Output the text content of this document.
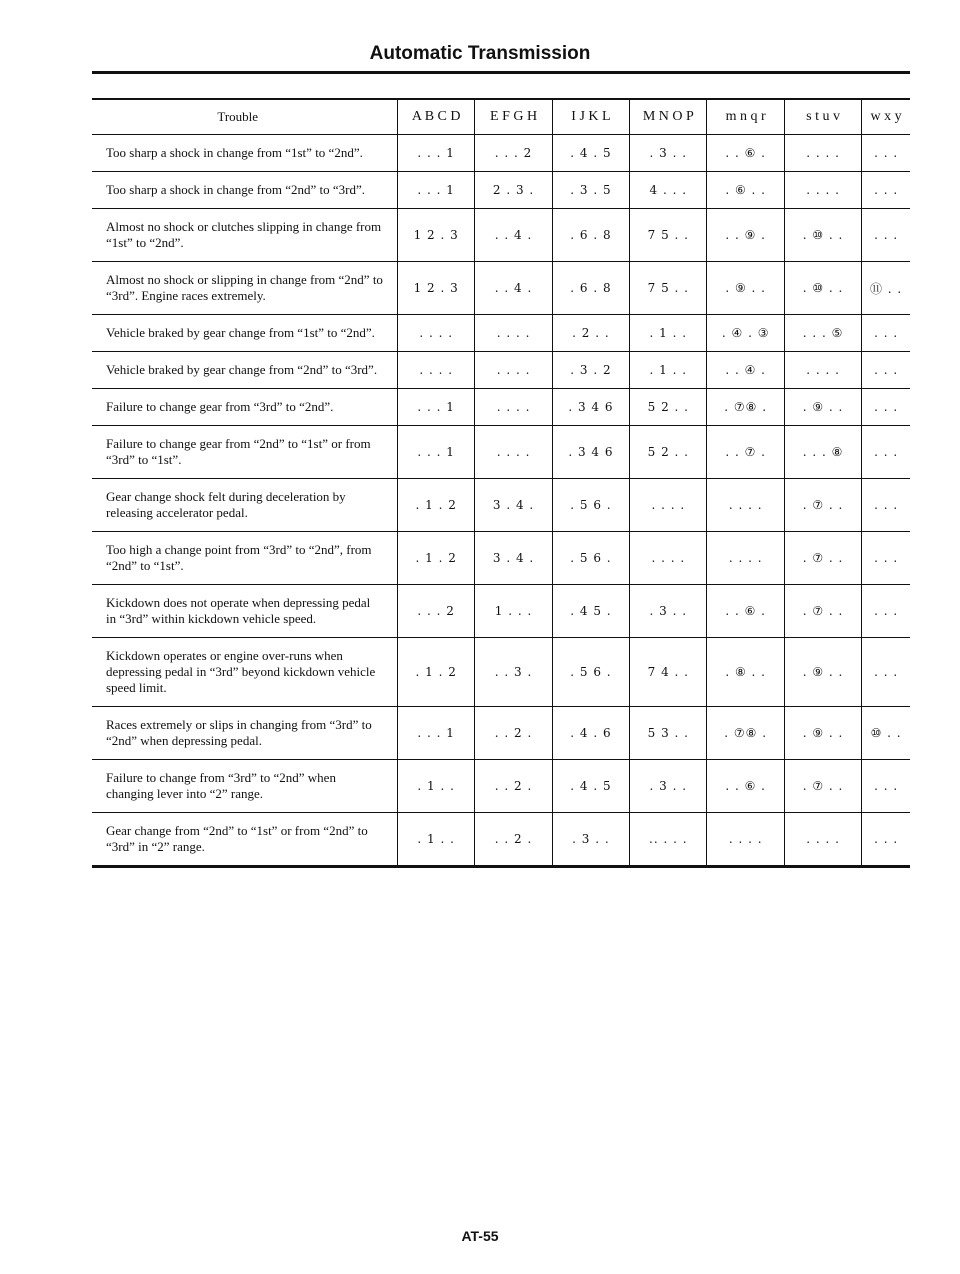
Automatic Transmission
Trouble		A B C D	E F G H	I J K L	M N O P	m n q r	s t u v	w x y
Too sharp a shock in change from “1st” to “2nd”.		. . . 1	. . . 2	. 4 . 5	. 3 . .	. . ⑥ .	. . . .	. . .
Too sharp a shock in change from “2nd” to “3rd”.		. . . 1	2 . 3 .	. 3 . 5	4 . . .	. ⑥ . .	. . . .	. . .
Almost no shock or clutches slipping in change from “1st” to “2nd”.		1 2 . 3	. . 4 .	. 6 . 8	7 5 . .	. . ⑨ .	. ⑩ . .	. . .
Almost no shock or slipping in change from “2nd” to “3rd”. Engine races extremely.		1 2 . 3	. . 4 .	. 6 . 8	7 5 . .	. ⑨ . .	. ⑩ . .	⑪ . .
Vehicle braked by gear change from “1st” to “2nd”.		. . . .	. . . .	. 2 . .	. 1 . .	. ④ . ③	. . . ⑤	. . .
Vehicle braked by gear change from “2nd” to “3rd”.		. . . .	. . . .	. 3 . 2	. 1 . .	. . ④ .	. . . .	. . .
Failure to change gear from “3rd” to “2nd”.		. . . 1	. . . .	. 3 4 6	5 2 . .	. ⑦⑧ .	. ⑨ . .	. . .
Failure to change gear from “2nd” to “1st” or from “3rd” to “1st”.		. . . 1	. . . .	. 3 4 6	5 2 . .	. . ⑦ .	. . . ⑧	. . .
Gear change shock felt during deceleration by releasing accelerator pedal.		. 1 . 2	3 . 4 .	. 5 6 .	. . . .	. . . .	. ⑦ . .	. . .
Too high a change point from “3rd” to “2nd”, from “2nd” to “1st”.		. 1 . 2	3 . 4 .	. 5 6 .	. . . .	. . . .	. ⑦ . .	. . .
Kickdown does not operate when depressing pedal in “3rd” within kickdown vehicle speed.		. . . 2	1 . . .	. 4 5 .	. 3 . .	. . ⑥ .	. ⑦ . .	. . .
Kickdown operates or engine over-runs when depressing pedal in “3rd” beyond kickdown vehicle speed limit.		. 1 . 2	. . 3 .	. 5 6 .	7 4 . .	. ⑧ . .	. ⑨ . .	. . .
Races extremely or slips in changing from “3rd” to “2nd” when depressing pedal.		. . . 1	. . 2 .	. 4 . 6	5 3 . .	. ⑦⑧ .	. ⑨ . .	⑩ . .
Failure to change from “3rd” to “2nd” when changing lever into “2” range.		. 1 . .	. . 2 .	. 4 . 5	. 3 . .	. . ⑥ .	. ⑦ . .	. . .
Gear change from “2nd” to “1st” or from “2nd” to “3rd” in “2” range.		. 1 . .	. . 2 .	. 3 . .	.. . . .	. . . .	. . . .	. . .
AT-55
